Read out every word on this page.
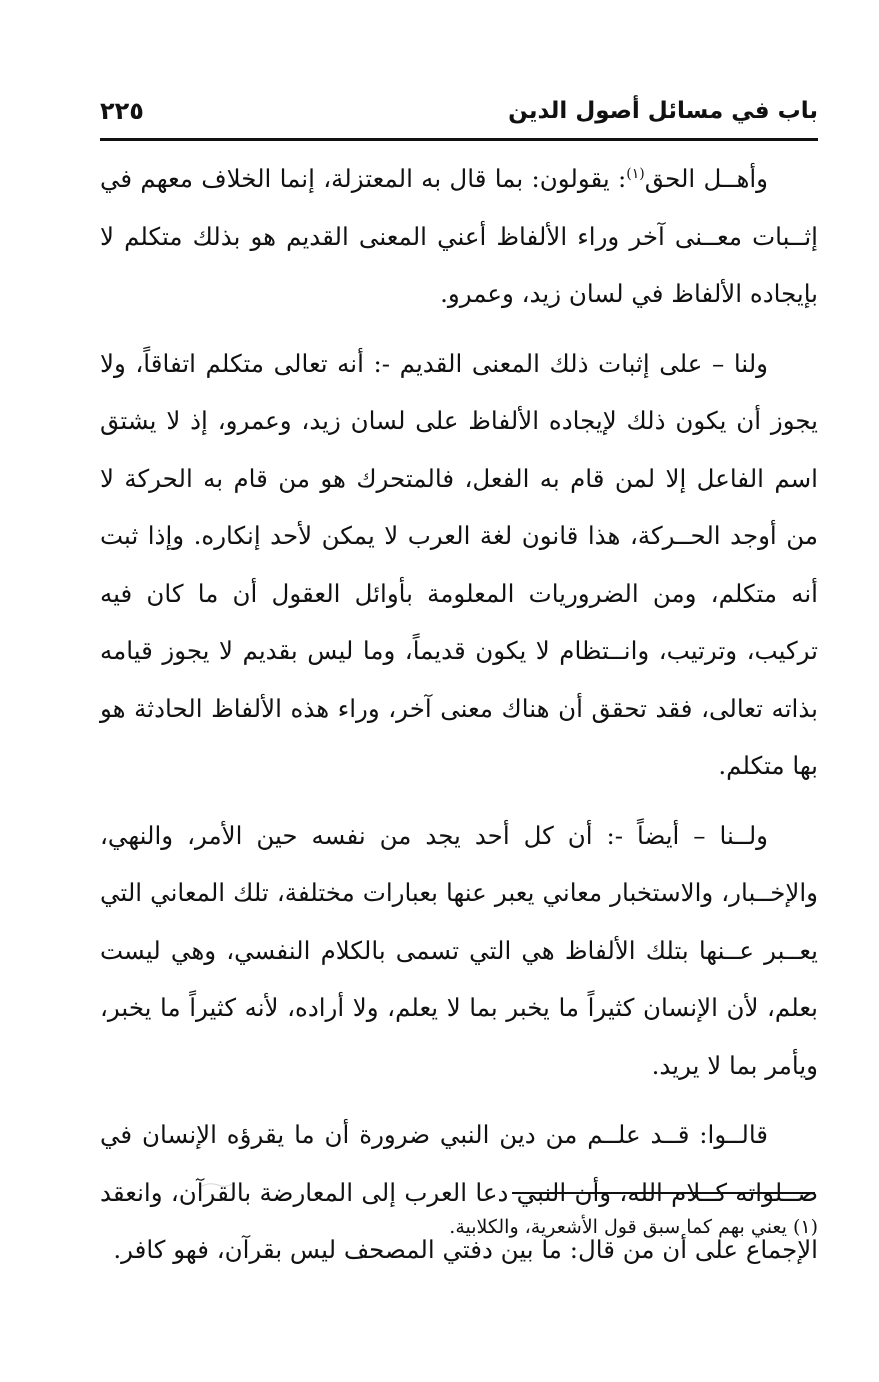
باب في مسائل أصول الدين
٢٢٥

وأهــل الحق$^{(١)}$: يقولون: بما قال به المعتزلة، إنما الخلاف معهم في إثــبات معــنى آخر وراء الألفاظ أعني المعنى القديم هو بذلك متكلم لا بإيجاده الألفاظ في لسان زيد، وعمرو.

ولنا – على إثبات ذلك المعنى القديم -: أنه تعالى متكلم اتفاقاً، ولا يجوز أن يكون ذلك لإيجاده الألفاظ على لسان زيد، وعمرو، إذ لا يشتق اسم الفاعل إلا لمن قام به الفعل، فالمتحرك هو من قام به الحركة لا من أوجد الحــركة، هذا قانون لغة العرب لا يمكن لأحد إنكاره. وإذا ثبت أنه متكلم، ومن الضروريات المعلومة بأوائل العقول أن ما كان فيه تركيب، وترتيب، وانــتظام لا يكون قديماً، وما ليس بقديم لا يجوز قيامه بذاته تعالى، فقد تحقق أن هناك معنى آخر، وراء هذه الألفاظ الحادثة هو بها متكلم.

ولــنا – أيضاً -: أن كل أحد يجد من نفسه حين الأمر، والنهي، والإخــبار، والاستخبار معاني يعبر عنها بعبارات مختلفة، تلك المعاني التي يعــبر عــنها بتلك الألفاظ هي التي تسمى بالكلام النفسي، وهي ليست بعلم، لأن الإنسان كثيراً ما يخبر بما لا يعلم، ولا أراده، لأنه كثيراً ما يخبر، ويأمر بما لا يريد.

قالــوا: قــد علــم من دين النبي ضرورة أن ما يقرؤه الإنسان في صــلواته كــلام الله، وأن النبي دعا العرب إلى المعارضة بالقرآن، وانعقد الإجماع على أن من قال: ما بين دفتي المصحف ليس بقرآن، فهو كافر.

(١) يعني بهم كما سبق قول الأشعرية، والكلابية.
